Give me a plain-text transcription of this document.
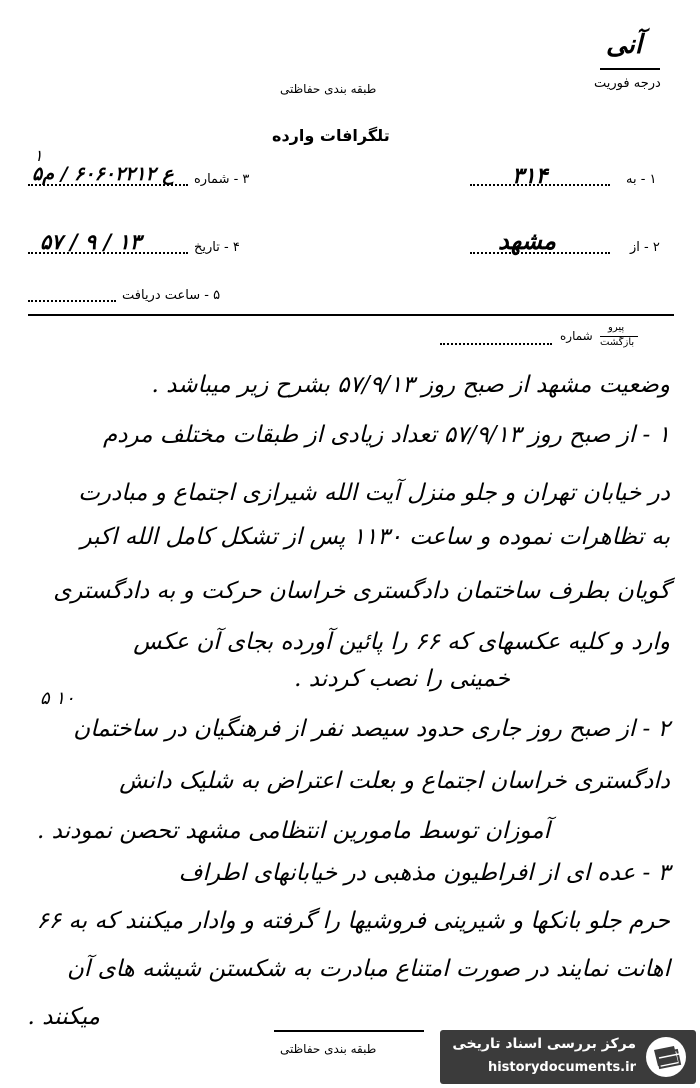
آنی
درجه فوریت
طبقه بندی حفاظتی
تلگرافات وارده
۱
۱ - به
۳۱۴
۳ - شماره
ع ۶۰۶۰۲۲۱۲ / م۵
۲ - از
مشهد
۴ - تاریخ
۱۳ / ۹ / ۵۷
۵ - ساعت دریافت
پیرو
بازگشت
شماره
وضعیت مشهد از صبح روز ۵۷/۹/۱۳ بشرح زیر میباشد .
۱ - از صبح روز ۵۷/۹/۱۳ تعداد زیادی از طبقات مختلف مردم
در خیابان تهران و جلو منزل آیت الله شیرازی اجتماع و مبادرت
به تظاهرات نموده و ساعت ۱۱۳۰ پس از تشکل کامل الله اکبر
گویان بطرف ساختمان دادگستری خراسان حرکت و به دادگستری
وارد و کلیه عکسهای که ۶۶ را پائین آورده بجای آن عکس
خمینی را نصب کردند .
۱۰ ۵
۲ - از صبح روز جاری حدود سیصد نفر از فرهنگیان در ساختمان
دادگستری خراسان اجتماع و بعلت اعتراض به شلیک دانش
آموزان توسط مامورین انتظامی مشهد تحصن نمودند .
۳ - عده ای از افراطیون مذهبی در خیابانهای اطراف
حرم جلو بانکها و شیرینی فروشیها را گرفته و وادار میکنند که به ۶۶
اهانت نمایند در صورت امتناع مبادرت به شکستن شیشه های آن
میکنند .
طبقه بندی حفاظتی	مرکز بررسی اسناد تاریخی
historydocuments.ir
